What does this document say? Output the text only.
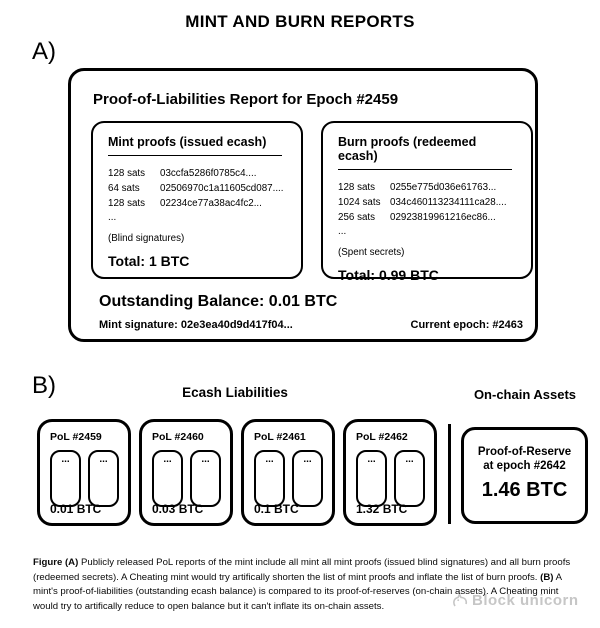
MINT AND BURN REPORTS
A)
Proof-of-Liabilities Report for Epoch #2459
Mint proofs (issued ecash)
128 sats	03ccfa5286f0785c4....
64 sats	02506970c1a11605cd087....
128 sats	02234ce77a38ac4fc2...
...
(Blind signatures)
Total: 1 BTC
Burn proofs (redeemed ecash)
128 sats	0255e775d036e61763...
1024 sats 034c460113234111ca28....
256 sats	02923819961216ec86...
...
(Spent secrets)
Total: 0.99 BTC
Outstanding Balance: 0.01 BTC
Mint signature: 02e3ea40d9d417f04...	Current epoch: #2463
B)	Ecash Liabilities	On-chain Assets
PoL #2459
...	...
0.01 BTC
PoL #2460
...	...
0.03 BTC
PoL #2461
...	...
0.1 BTC
PoL #2462
...	...
1.32 BTC
Proof-of-Reserve
at epoch #2642
1.46 BTC
Block unicorn
Figure (A) Publicly released PoL reports of the mint include all mint all mint proofs (issued blind signatures) and all burn proofs (redeemed secrets). A Cheating mint would try artifically shorten the list of mint proofs and inflate the list of burn proofs. (B) A mint's proof-of-liabilities (outstanding ecash balance) is compared to its proof-of-reserves (on-chain assets). A Cheating mint would try to artifically reduce to open balance but it can't inflate its on-chain assets.
